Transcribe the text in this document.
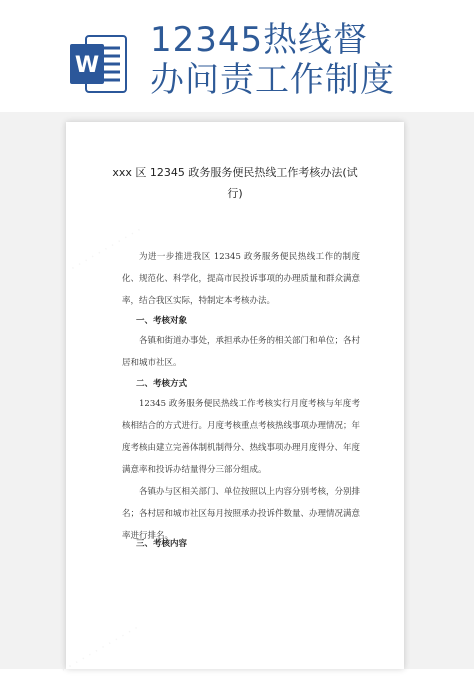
W
12345热线督
办问责工作制度
· · · · · · · · · · ·
· · · · · · · · · · · ·
xxx 区 12345 政务服务便民热线工作考核办法(试
行)
为进一步推进我区 12345 政务服务便民热线工作的制度化、规范化、科学化，提高市民投诉事项的办理质量和群众满意率，结合我区实际，特制定本考核办法。
一、考核对象
各镇和街道办事处，承担承办任务的相关部门和单位；各村居和城市社区。
二、考核方式
12345 政务服务便民热线工作考核实行月度考核与年度考核相结合的方式进行。月度考核重点考核热线事项办理情况；年度考核由建立完善体制机制得分、热线事项办理月度得分、年度满意率和投诉办结量得分三部分组成。
各镇办与区相关部门、单位按照以上内容分别考核，分别排名；各村居和城市社区每月按照承办投诉件数量、办理情况满意率进行排名。
三、考核内容
